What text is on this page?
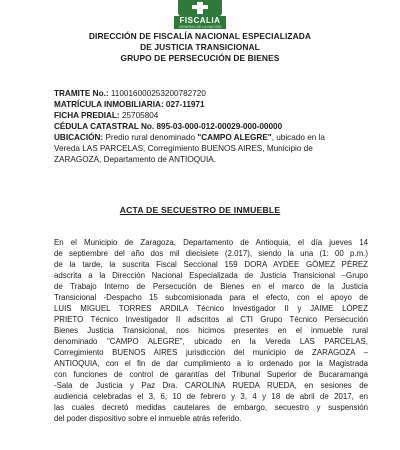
FISCALIA
GENERAL DE LA NACIÓN
DIRECCIÓN DE FISCALÍA NACIONAL ESPECIALIZADA
DE JUSTICIA TRANSICIONAL
GRUPO DE PERSECUCIÓN DE BIENES
TRAMITE No.: 110016000253200782720
MATRÍCULA INMOBILIARIA: 027-11971
FICHA PREDIAL: 25705804
CÉDULA CATASTRAL No. 895-03-000-012-00029-000-00000
UBICACIÓN: Predio rural denominado "CAMPO ALEGRE", ubicado en la
Vereda LAS PARCELAS, Corregimiento BUENOS AIRES, Municipio de
ZARAGOZA, Departamento de ANTIOQUIA.
ACTA DE SECUESTRO DE INMUEBLE
En el Municipio de Zaragoza, Departamento de Antioquia, el día jueves 14
de septiembre del año dos mil diecisiete (2.017), siendo la una (1: 00 p.m.)
de la tarde, la suscrita Fiscal Seccional 159 DORA AYDEE GÓMEZ PÉREZ
adscrita a la Dirección Nacional Especializada de Justicia Transicional –Grupo
de Trabajo Interno de Persecución de Bienes en el marco de la Justicia
Transicional -Despacho 15 subcomisionada para el efecto, con el apoyo de
LUIS MIGUEL TORRES ARDILA Técnico Investigador II y JAIME LÓPEZ
PRIETO Técnico Investigador II adscritos al CTI Grupo Técnico Persecución
Bienes Justicia Transicional, nos hicimos presentes en el inmueble rural
denominado "CAMPO ALEGRE", ubicado en la Vereda LAS PARCELAS,
Corregimiento BUENOS AIRES jurisdicción del municipio de ZARAGOZA –
ANTIOQUIA, con el fin de dar cumplimiento a lo ordenado por la Magistrada
con funciones de control de garantías del Tribunal Superior de Bucaramanga
-Sala de Justicia y Paz Dra. CAROLINA RUEDA RUEDA, en sesiones de
audiencia celebradas el 3, 6, 10 de febrero y 3, 4 y 18 de abril de 2017, en
las cuales decretó medidas cautelares de embargo, secuestro y suspensión
del poder dispositivo sobre el inmueble atrás referido.
